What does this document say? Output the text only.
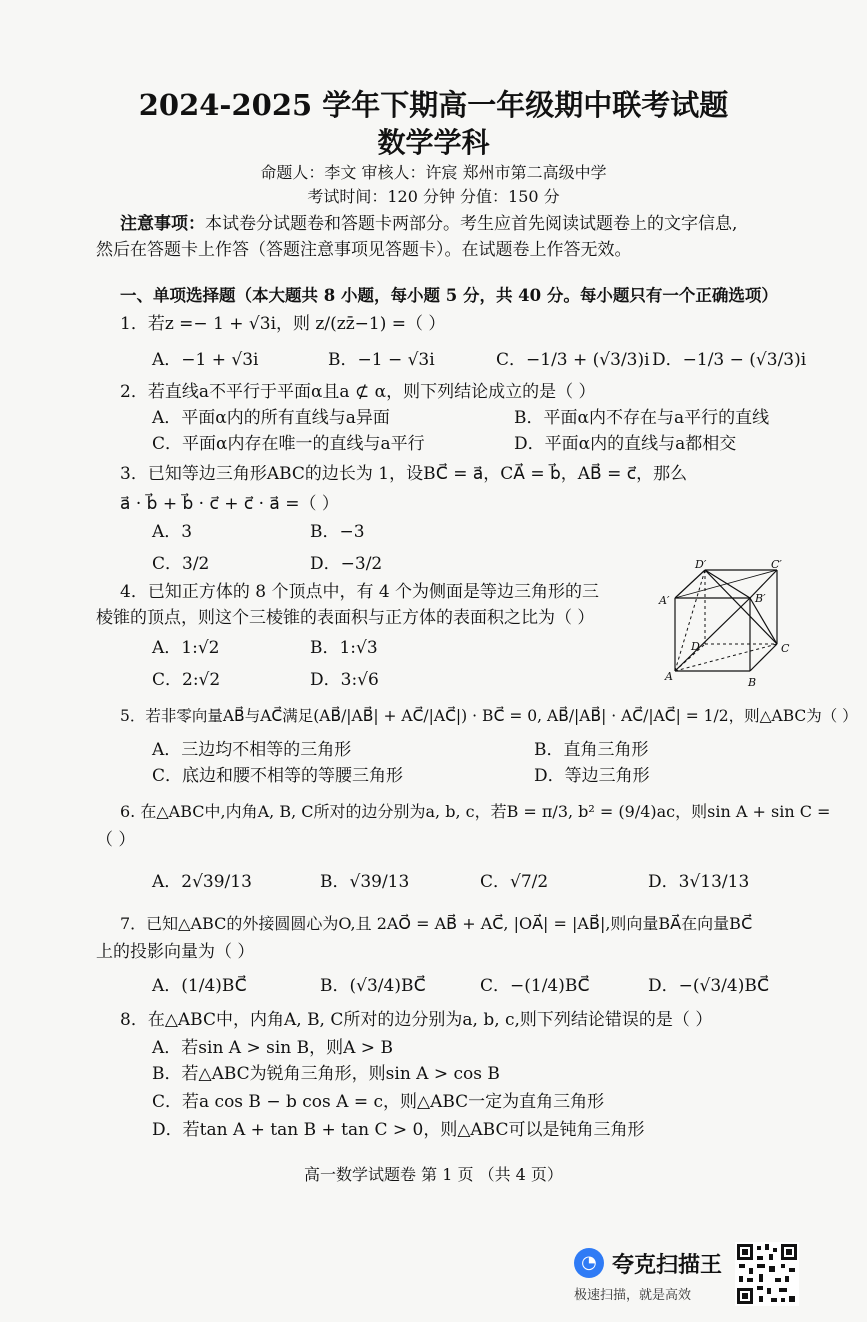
2024-2025 学年下期高一年级期中联考试题
数学学科
命题人：李文 审核人：许宸 郑州市第二高级中学
考试时间：120 分钟 分值：150 分
注意事项：本试卷分试题卷和答题卡两部分。考生应首先阅读试题卷上的文字信息,
然后在答题卡上作答（答题注意事项见答题卡）。在试题卷上作答无效。
一、单项选择题（本大题共 8 小题，每小题 5 分，共 40 分。每小题只有一个正确选项）
1．若z =− 1 + √3i，则 z/(zz̄−1) =（ ）
A．−1 + √3i	B．−1 − √3i	C．−1/3 + (√3/3)i D．−1/3 − (√3/3)i
2．若直线a不平行于平面α且a ⊄ α，则下列结论成立的是（ ）
A．平面α内的所有直线与a异面	B．平面α内不存在与a平行的直线
C．平面α内存在唯一的直线与a平行	D．平面α内的直线与a都相交
3．已知等边三角形ABC的边长为 1，设BC⃗ = a⃗，CA⃗ = b⃗，AB⃗ = c⃗，那么
a⃗ · b⃗ + b⃗ · c⃗ + c⃗ · a⃗ =（ ）
A．3	B．−3
C．3/2	D．−3/2
4．已知正方体的 8 个顶点中，有 4 个为侧面是等边三角形的三
棱锥的顶点，则这个三棱锥的表面积与正方体的表面积之比为（ ）
A．1:√2	B．1:√3
C．2:√2	D．3:√6
D′	C′
A′	B′
D	C
A	B
5．若非零向量AB⃗与AC⃗满足(AB⃗/|AB⃗| + AC⃗/|AC⃗|) · BC⃗ = 0, AB⃗/|AB⃗| · AC⃗/|AC⃗| = 1/2，则△ABC为（ ）
A．三边均不相等的三角形	B．直角三角形
C．底边和腰不相等的等腰三角形	D．等边三角形
6. 在△ABC中,内角A, B, C所对的边分别为a, b, c，若B = π/3, b² = (9/4)ac，则sin A + sin C =
（ ）
A．2√39/13	B．√39/13	C．√7/2	D．3√13/13
7．已知△ABC的外接圆圆心为O,且 2AO⃗ = AB⃗ + AC⃗, |OA⃗| = |AB⃗|,则向量BA⃗在向量BC⃗
上的投影向量为（ ）
A．(1/4)BC⃗	B．(√3/4)BC⃗	C．−(1/4)BC⃗	D．−(√3/4)BC⃗
8．在△ABC中，内角A, B, C所对的边分别为a, b, c,则下列结论错误的是（ ）
A．若sin A > sin B，则A > B
B．若△ABC为锐角三角形，则sin A > cos B
C．若a cos B − b cos A = c，则△ABC一定为直角三角形
D．若tan A + tan B + tan C > 0，则△ABC可以是钝角三角形
高一数学试题卷 第 1 页 （共 4 页）
◔ 夸克扫描王
极速扫描，就是高效
